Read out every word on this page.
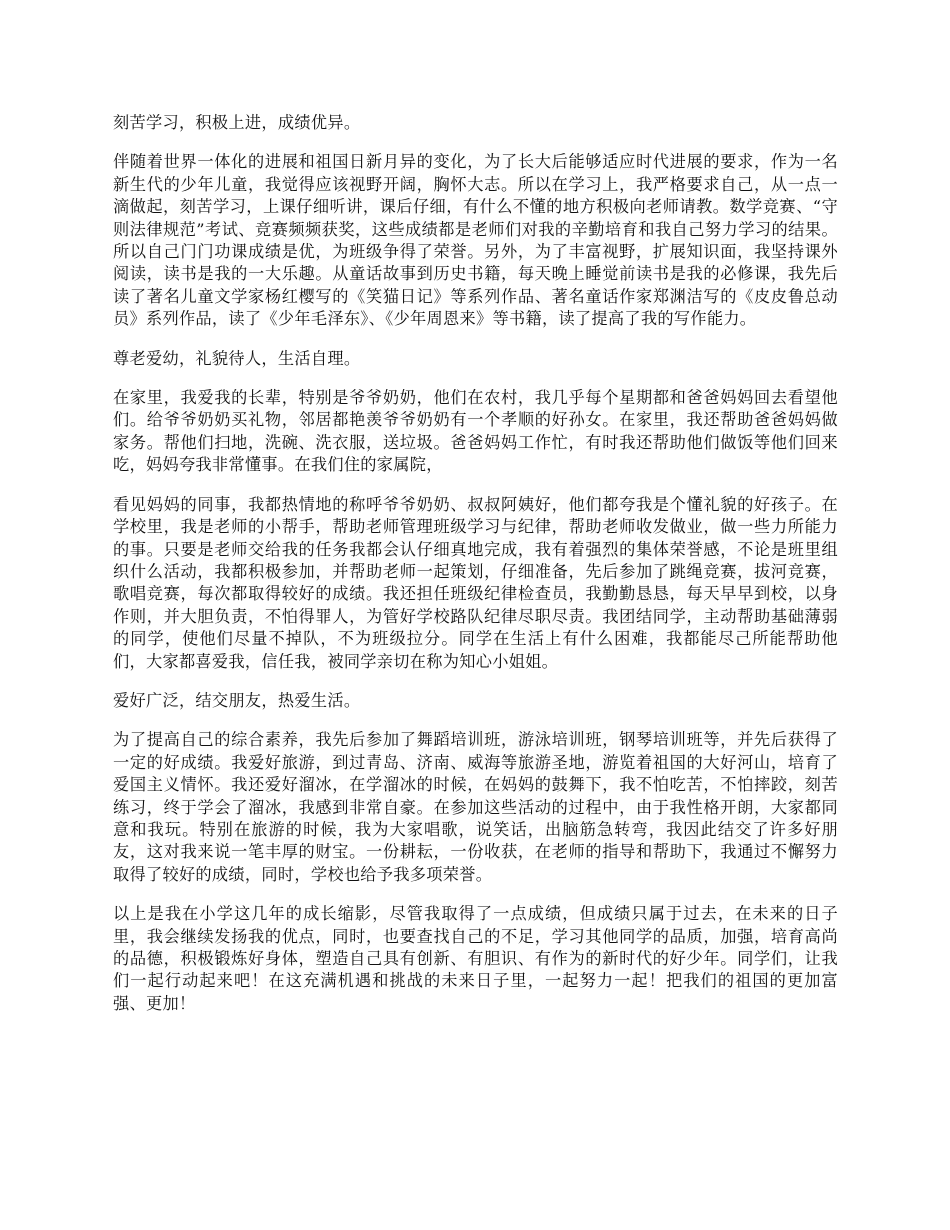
刻苦学习，积极上进，成绩优异。

伴随着世界一体化的进展和祖国日新月异的变化，为了长大后能够适应时代进展的要求，作为一名新生代的少年儿童，我觉得应该视野开阔，胸怀大志。所以在学习上，我严格要求自己，从一点一滴做起，刻苦学习，上课仔细听讲，课后仔细，有什么不懂的地方积极向老师请教。数学竞赛、“守则法律规范”考试、竞赛频频获奖，这些成绩都是老师们对我的辛勤培育和我自己努力学习的结果。所以自己门门功课成绩是优，为班级争得了荣誉。另外，为了丰富视野，扩展知识面，我坚持课外阅读，读书是我的一大乐趣。从童话故事到历史书籍，每天晚上睡觉前读书是我的必修课，我先后读了著名儿童文学家杨红樱写的《笑猫日记》等系列作品、著名童话作家郑渊洁写的《皮皮鲁总动员》系列作品，读了《少年毛泽东》、《少年周恩来》等书籍，读了提高了我的写作能力。

尊老爱幼，礼貌待人，生活自理。

在家里，我爱我的长辈，特别是爷爷奶奶，他们在农村，我几乎每个星期都和爸爸妈妈回去看望他们。给爷爷奶奶买礼物，邻居都艳羡爷爷奶奶有一个孝顺的好孙女。在家里，我还帮助爸爸妈妈做家务。帮他们扫地，洗碗、洗衣服，送垃圾。爸爸妈妈工作忙，有时我还帮助他们做饭等他们回来吃，妈妈夸我非常懂事。在我们住的家属院，

看见妈妈的同事，我都热情地的称呼爷爷奶奶、叔叔阿姨好，他们都夸我是个懂礼貌的好孩子。在学校里，我是老师的小帮手，帮助老师管理班级学习与纪律，帮助老师收发做业，做一些力所能力的事。只要是老师交给我的任务我都会认仔细真地完成，我有着强烈的集体荣誉感，不论是班里组织什么活动，我都积极参加，并帮助老师一起策划，仔细准备，先后参加了跳绳竞赛，拔河竞赛，歌唱竞赛，每次都取得较好的成绩。我还担任班级纪律检查员，我勤勤恳恳，每天早早到校，以身作则，并大胆负责，不怕得罪人，为管好学校路队纪律尽职尽责。我团结同学，主动帮助基础薄弱的同学，使他们尽量不掉队，不为班级拉分。同学在生活上有什么困难，我都能尽己所能帮助他们，大家都喜爱我，信任我，被同学亲切在称为知心小姐姐。

爱好广泛，结交朋友，热爱生活。

为了提高自己的综合素养，我先后参加了舞蹈培训班，游泳培训班，钢琴培训班等，并先后获得了一定的好成绩。我爱好旅游，到过青岛、济南、威海等旅游圣地，游览着祖国的大好河山，培育了爱国主义情怀。我还爱好溜冰，在学溜冰的时候，在妈妈的鼓舞下，我不怕吃苦，不怕摔跤，刻苦练习，终于学会了溜冰，我感到非常自豪。在参加这些活动的过程中，由于我性格开朗，大家都同意和我玩。特别在旅游的时候，我为大家唱歌，说笑话，出脑筋急转弯，我因此结交了许多好朋友，这对我来说一笔丰厚的财宝。一份耕耘，一份收获，在老师的指导和帮助下，我通过不懈努力取得了较好的成绩，同时，学校也给予我多项荣誉。

以上是我在小学这几年的成长缩影，尽管我取得了一点成绩，但成绩只属于过去，在未来的日子里，我会继续发扬我的优点，同时，也要查找自己的不足，学习其他同学的品质，加强，培育高尚的品德，积极锻炼好身体，塑造自己具有创新、有胆识、有作为的新时代的好少年。同学们，让我们一起行动起来吧！在这充满机遇和挑战的未来日子里，一起努力一起！把我们的祖国的更加富强、更加！
